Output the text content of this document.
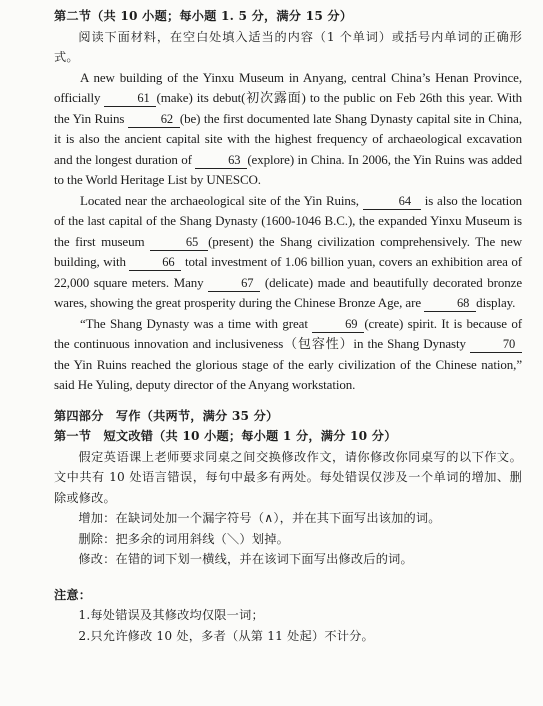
第二节（共 10 小题；每小题 1. 5 分，满分 15 分）

阅读下面材料，在空白处填入适当的内容（1 个单词）或括号内单词的正确形式。

A new building of the Yinxu Museum in Anyang, central China’s Henan Province, officially	61 (make) its debut(初次露面) to the public on Feb 26th this year. With the Yin Ruins	62 (be) the first documented late Shang Dynasty capital site in China, it is also the ancient capital site with the highest frequency of archaeological excavation and the longest duration of	63 (explore) in China. In 2006, the Yin Ruins was added to the World Heritage List by UNESCO.

Located near the archaeological site of the Yin Ruins,	64 is also the location of the last capital of the Shang Dynasty (1600-1046 B.C.), the expanded Yinxu Museum is the first museum	65 (present) the Shang civilization comprehensively. The new building, with	66 total investment of 1.06 billion yuan, covers an exhibition area of 22,000 square meters. Many	67 (delicate) made and beautifully decorated bronze wares, showing the great prosperity during the Chinese Bronze Age, are	68 display.

“The Shang Dynasty was a time with great	69 (create) spirit. It is because of the continuous innovation and inclusiveness（包容性）in the Shang Dynasty	70 the Yin Ruins reached the glorious stage of the early civilization of the Chinese nation,” said He Yuling, deputy director of the Anyang workstation.

第四部分　写作（共两节，满分 35 分）

第一节　短文改错（共 10 小题；每小题 1 分，满分 10 分）

假定英语课上老师要求同桌之间交换修改作文，请你修改你同桌写的以下作文。文中共有 10 处语言错误，每句中最多有两处。每处错误仅涉及一个单词的增加、删除或修改。

增加：在缺词处加一个漏字符号（∧），并在其下面写出该加的词。

删除：把多余的词用斜线（＼）划掉。

修改：在错的词下划一横线，并在该词下面写出修改后的词。

注意：

1.每处错误及其修改均仅限一词；

2.只允许修改 10 处，多者（从第 11 处起）不计分。
